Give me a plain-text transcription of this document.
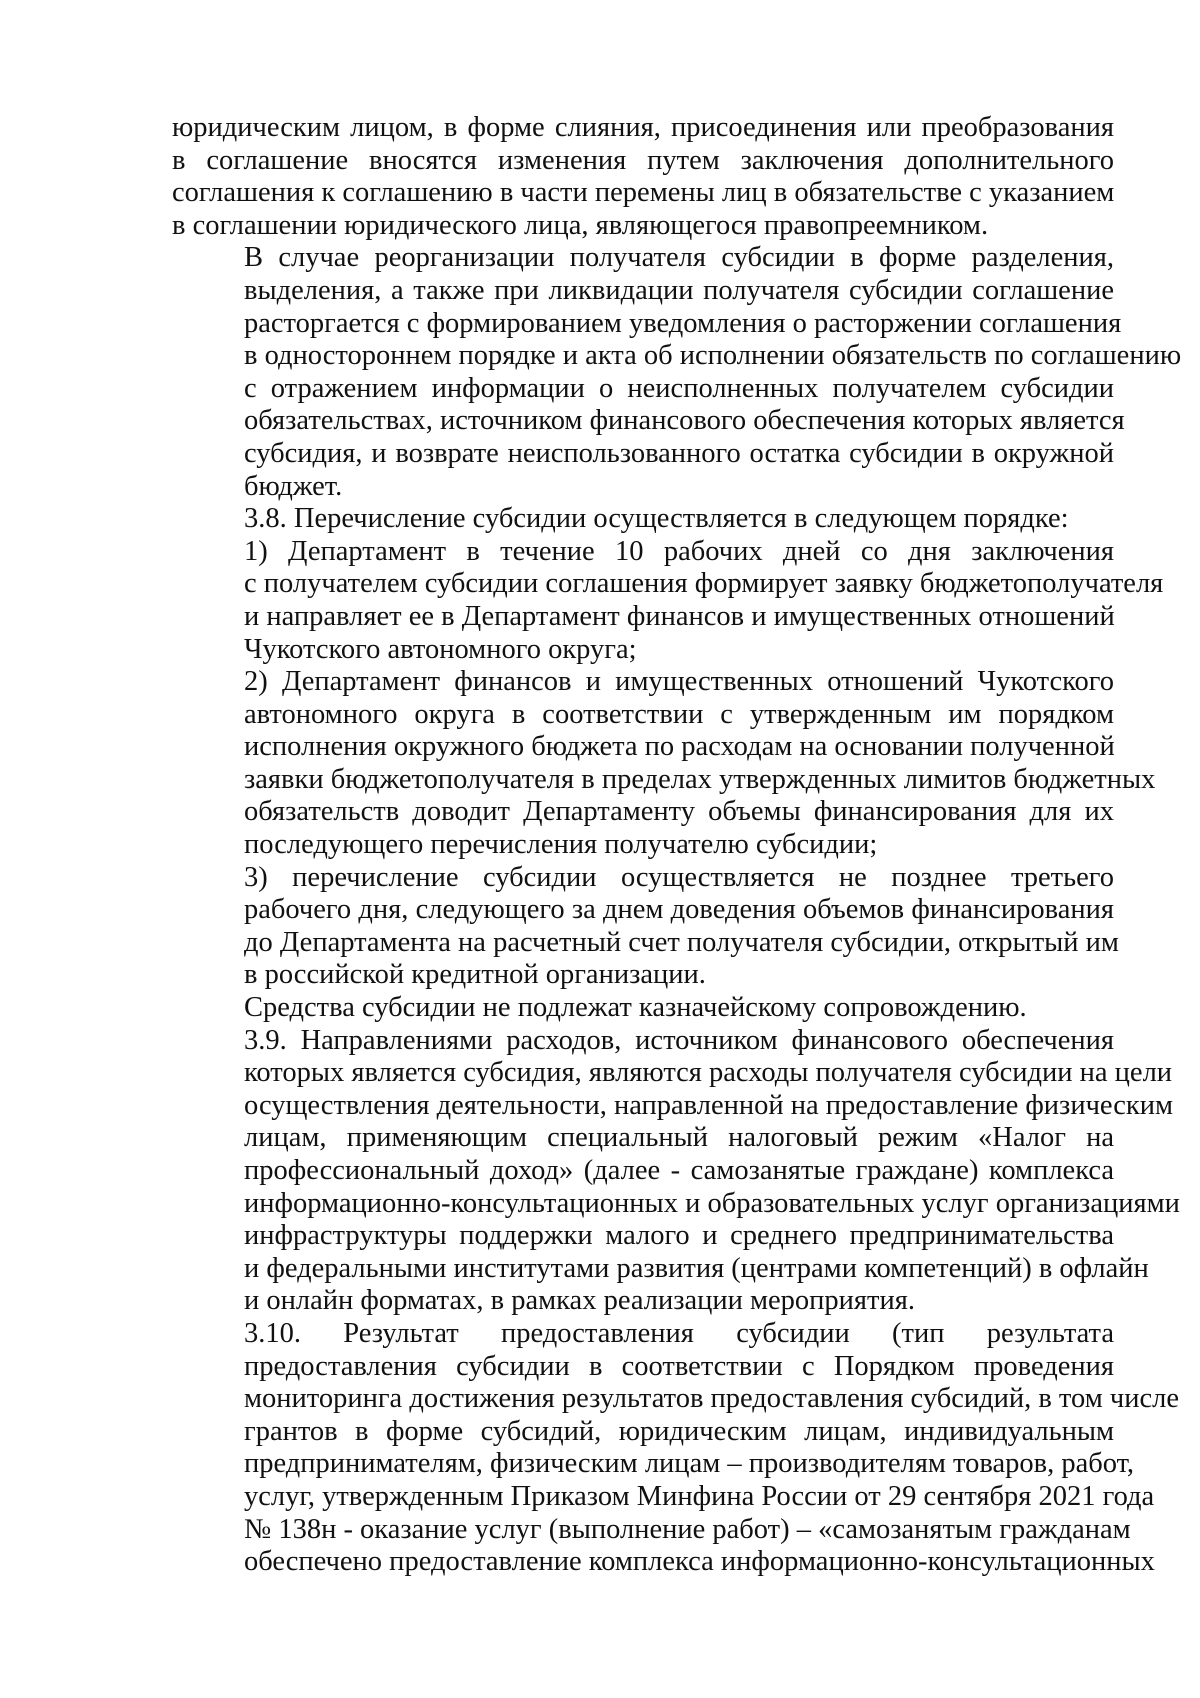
юридическим лицом, в форме слияния, присоединения или преобразования
в соглашение вносятся изменения путем заключения дополнительного
соглашения к соглашению в части перемены лиц в обязательстве с указанием
в соглашении юридического лица, являющегося правопреемником.
В случае реорганизации получателя субсидии в форме разделения,
выделения, а также при ликвидации получателя субсидии соглашение
расторгается с формированием уведомления о расторжении соглашения
в одностороннем порядке и акта об исполнении обязательств по соглашению
с отражением информации о неисполненных получателем субсидии
обязательствах, источником финансового обеспечения которых является
субсидия, и возврате неиспользованного остатка субсидии в окружной
бюджет.
3.8. Перечисление субсидии осуществляется в следующем порядке:
1) Департамент в течение 10 рабочих дней со дня заключения
с получателем субсидии соглашения формирует заявку бюджетополучателя
и направляет ее в Департамент финансов и имущественных отношений
Чукотского автономного округа;
2) Департамент финансов и имущественных отношений Чукотского
автономного округа в соответствии с утвержденным им порядком
исполнения окружного бюджета по расходам на основании полученной
заявки бюджетополучателя в пределах утвержденных лимитов бюджетных
обязательств доводит Департаменту объемы финансирования для их
последующего перечисления получателю субсидии;
3) перечисление субсидии осуществляется не позднее третьего
рабочего дня, следующего за днем доведения объемов финансирования
до Департамента на расчетный счет получателя субсидии, открытый им
в российской кредитной организации.
Средства субсидии не подлежат казначейскому сопровождению.
3.9. Направлениями расходов, источником финансового обеспечения
которых является субсидия, являются расходы получателя субсидии на цели
осуществления деятельности, направленной на предоставление физическим
лицам, применяющим специальный налоговый режим «Налог на
профессиональный доход» (далее - самозанятые граждане) комплекса
информационно-консультационных и образовательных услуг организациями
инфраструктуры поддержки малого и среднего предпринимательства
и федеральными институтами развития (центрами компетенций) в офлайн
и онлайн форматах, в рамках реализации мероприятия.
3.10. Результат предоставления субсидии (тип результата
предоставления субсидии в соответствии с Порядком проведения
мониторинга достижения результатов предоставления субсидий, в том числе
грантов в форме субсидий, юридическим лицам, индивидуальным
предпринимателям, физическим лицам – производителям товаров, работ,
услуг, утвержденным Приказом Минфина России от 29 сентября 2021 года
№ 138н - оказание услуг (выполнение работ) – «самозанятым гражданам
обеспечено предоставление комплекса информационно-консультационных
